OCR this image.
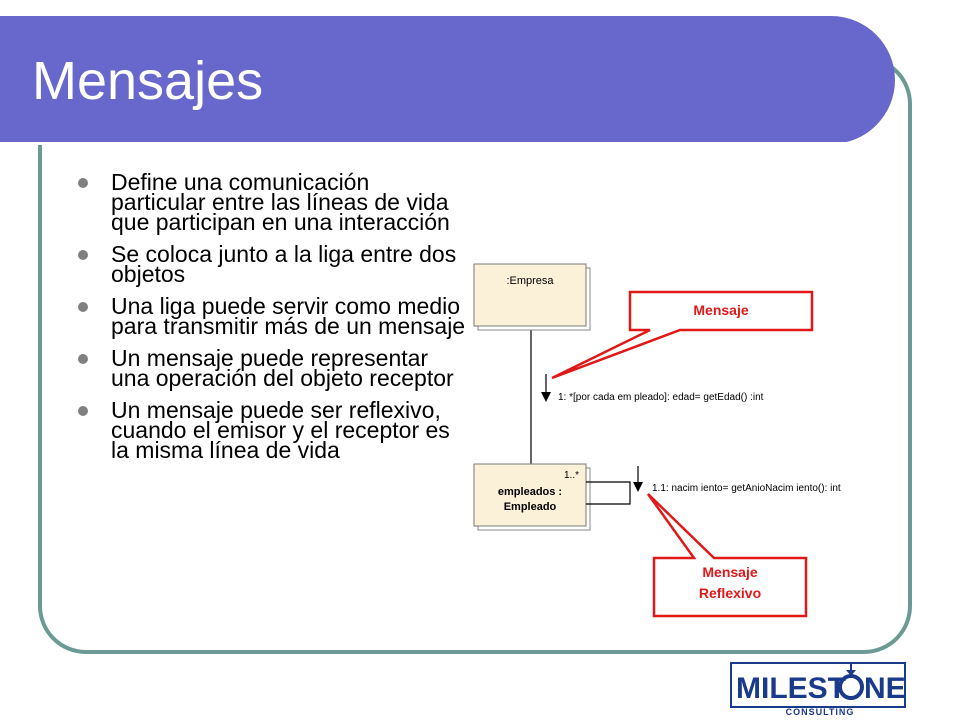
Mensajes
Define una comunicación particular entre las líneas de vida que participan en una interacción
Se coloca junto a la liga entre dos objetos
Una liga puede servir como medio para transmitir más de un mensaje
Un mensaje puede representar una operación del objeto receptor
Un mensaje puede ser reflexivo, cuando el emisor y el receptor es la misma línea de vida
:Empresa
1..*
empleados :
Empleado
1: *[por cada em pleado]: edad= getEdad() :int
1.1: nacim iento= getAnioNacim iento(): int
Mensaje
Mensaje
Reflexivo
MILEST NE
CONSULTING
